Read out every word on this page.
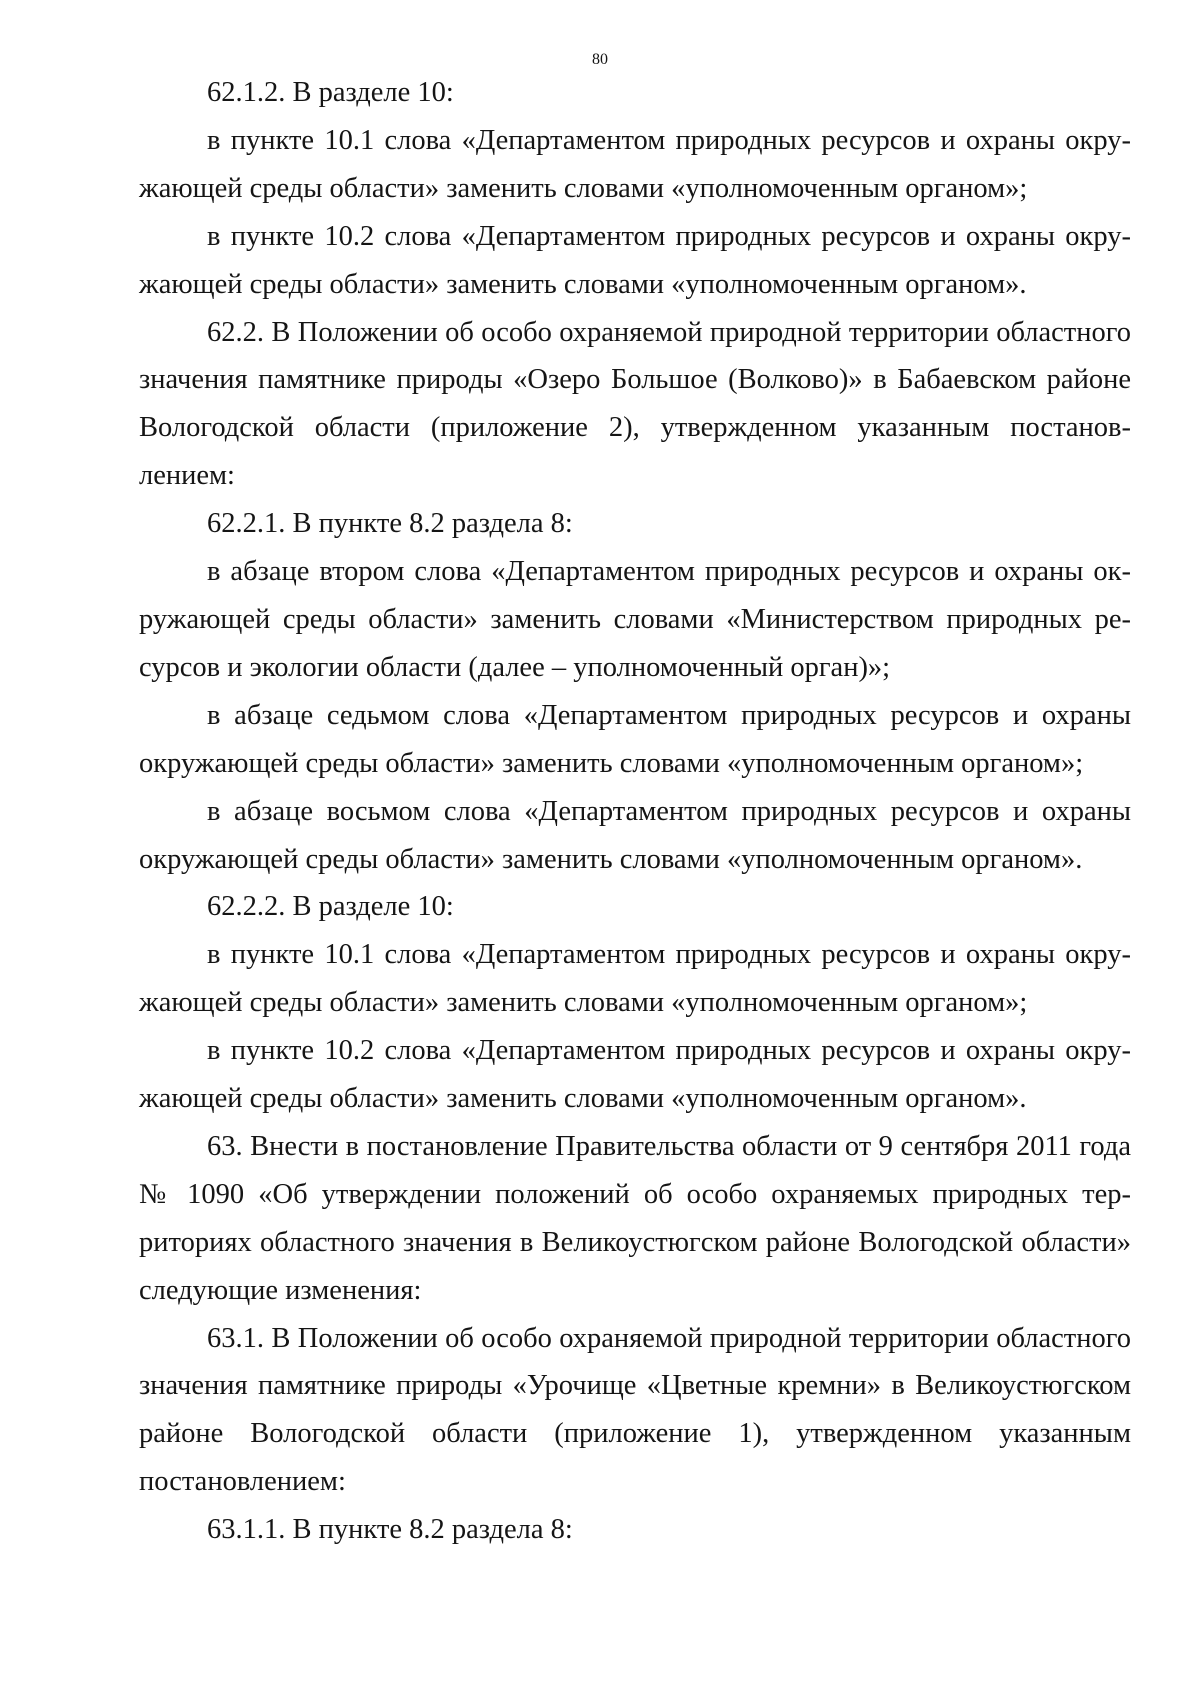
80

62.1.2. В разделе 10:

в пункте 10.1 слова «Департаментом природных ресурсов и охраны окружающей среды области» заменить словами «уполномоченным органом»;

в пункте 10.2 слова «Департаментом природных ресурсов и охраны окружающей среды области» заменить словами «уполномоченным органом».

62.2. В Положении об особо охраняемой природной территории областного значения памятнике природы «Озеро Большое (Волково)» в Бабаевском районе Вологодской области (приложение 2), утвержденном указанным постановлением:

62.2.1. В пункте 8.2 раздела 8:

в абзаце втором слова «Департаментом природных ресурсов и охраны окружающей среды области» заменить словами «Министерством природных ресурсов и экологии области (далее – уполномоченный орган)»;

в абзаце седьмом слова «Департаментом природных ресурсов и охраны окружающей среды области» заменить словами «уполномоченным органом»;

в абзаце восьмом слова «Департаментом природных ресурсов и охраны окружающей среды области» заменить словами «уполномоченным органом».

62.2.2. В разделе 10:

в пункте 10.1 слова «Департаментом природных ресурсов и охраны окружающей среды области» заменить словами «уполномоченным органом»;

в пункте 10.2 слова «Департаментом природных ресурсов и охраны окружающей среды области» заменить словами «уполномоченным органом».

63. Внести в постановление Правительства области от 9 сентября 2011 года № 1090 «Об утверждении положений об особо охраняемых природных территориях областного значения в Великоустюгском районе Вологодской области» следующие изменения:

63.1. В Положении об особо охраняемой природной территории областного значения памятнике природы «Урочище «Цветные кремни» в Великоустюгском районе Вологодской области (приложение 1), утвержденном указанным постановлением:

63.1.1. В пункте 8.2 раздела 8:
